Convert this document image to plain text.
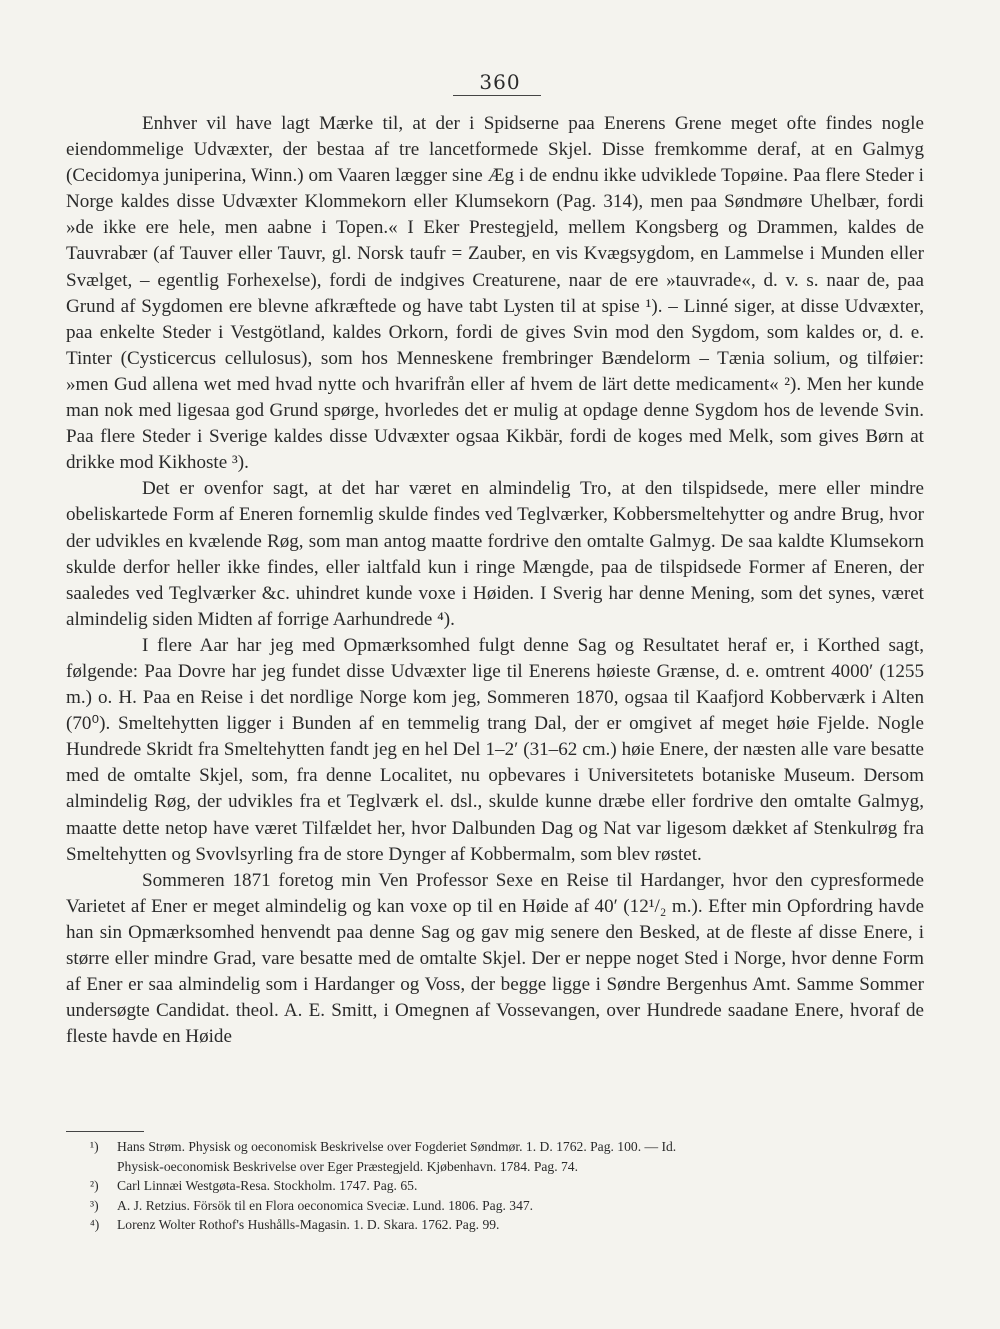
360

Enhver vil have lagt Mærke til, at der i Spidserne paa Enerens Grene meget ofte findes nogle eiendommelige Udvæxter, der bestaa af tre lancetformede Skjel. Disse fremkomme deraf, at en Galmyg (Cecidomya juniperina, Winn.) om Vaaren lægger sine Æg i de endnu ikke udviklede Topøine. Paa flere Steder i Norge kaldes disse Udvæxter Klommekorn eller Klumsekorn (Pag. 314), men paa Søndmøre Uhelbær, fordi »de ikke ere hele, men aabne i Topen.« I Eker Prestegjeld, mellem Kongsberg og Drammen, kaldes de Tauvrabær (af Tauver eller Tauvr, gl. Norsk taufr = Zauber, en vis Kvægsygdom, en Lammelse i Munden eller Svælget, – egentlig Forhexelse), fordi de indgives Creaturene, naar de ere »tauvrade«, d. v. s. naar de, paa Grund af Sygdomen ere blevne afkræftede og have tabt Lysten til at spise ¹). – Linné siger, at disse Udvæxter, paa enkelte Steder i Vestgötland, kaldes Orkorn, fordi de gives Svin mod den Sygdom, som kaldes or, d. e. Tinter (Cysticercus cellulosus), som hos Menneskene frembringer Bændelorm – Tænia solium, og tilføier: »men Gud allena wet med hvad nytte och hvarifrån eller af hvem de lärt dette medicament« ²). Men her kunde man nok med ligesaa god Grund spørge, hvorledes det er mulig at opdage denne Sygdom hos de levende Svin. Paa flere Steder i Sverige kaldes disse Udvæxter ogsaa Kikbär, fordi de koges med Melk, som gives Børn at drikke mod Kikhoste ³).

Det er ovenfor sagt, at det har været en almindelig Tro, at den tilspidsede, mere eller mindre obeliskartede Form af Eneren fornemlig skulde findes ved Teglværker, Kobbersmeltehytter og andre Brug, hvor der udvikles en kvælende Røg, som man antog maatte fordrive den omtalte Galmyg. De saa kaldte Klumsekorn skulde derfor heller ikke findes, eller ialtfald kun i ringe Mængde, paa de tilspidsede Former af Eneren, der saaledes ved Teglværker &c. uhindret kunde voxe i Høiden. I Sverig har denne Mening, som det synes, været almindelig siden Midten af forrige Aarhundrede ⁴).

I flere Aar har jeg med Opmærksomhed fulgt denne Sag og Resultatet heraf er, i Korthed sagt, følgende: Paa Dovre har jeg fundet disse Udvæxter lige til Enerens høieste Grænse, d. e. omtrent 4000′ (1255 m.) o. H. Paa en Reise i det nordlige Norge kom jeg, Sommeren 1870, ogsaa til Kaafjord Kobberværk i Alten (70⁰). Smeltehytten ligger i Bunden af en temmelig trang Dal, der er omgivet af meget høie Fjelde. Nogle Hundrede Skridt fra Smeltehytten fandt jeg en hel Del 1–2′ (31–62 cm.) høie Enere, der næsten alle vare besatte med de omtalte Skjel, som, fra denne Localitet, nu opbevares i Universitetets botaniske Museum. Dersom almindelig Røg, der udvikles fra et Teglværk el. dsl., skulde kunne dræbe eller fordrive den omtalte Galmyg, maatte dette netop have været Tilfældet her, hvor Dalbunden Dag og Nat var ligesom dækket af Stenkulrøg fra Smeltehytten og Svovlsyrling fra de store Dynger af Kobbermalm, som blev røstet.

Sommeren 1871 foretog min Ven Professor Sexe en Reise til Hardanger, hvor den cypresformede Varietet af Ener er meget almindelig og kan voxe op til en Høide af 40′ (12¹/₂ m.). Efter min Opfordring havde han sin Opmærksomhed henvendt paa denne Sag og gav mig senere den Besked, at de fleste af disse Enere, i større eller mindre Grad, vare besatte med de omtalte Skjel. Der er neppe noget Sted i Norge, hvor denne Form af Ener er saa almindelig som i Hardanger og Voss, der begge ligge i Søndre Bergenhus Amt. Samme Sommer undersøgte Candidat. theol. A. E. Smitt, i Omegnen af Vossevangen, over Hundrede saadane Enere, hvoraf de fleste havde en Høide

¹) Hans Strøm. Physisk og oeconomisk Beskrivelse over Fogderiet Søndmør. 1. D. 1762. Pag. 100. — Id.
Physisk-oeconomisk Beskrivelse over Eger Præstegjeld. Kjøbenhavn. 1784. Pag. 74.
²) Carl Linnæi Westgøta-Resa. Stockholm. 1747. Pag. 65.
³) A. J. Retzius. Försök til en Flora oeconomica Sveciæ. Lund. 1806. Pag. 347.
⁴) Lorenz Wolter Rothof's Hushålls-Magasin. 1. D. Skara. 1762. Pag. 99.
